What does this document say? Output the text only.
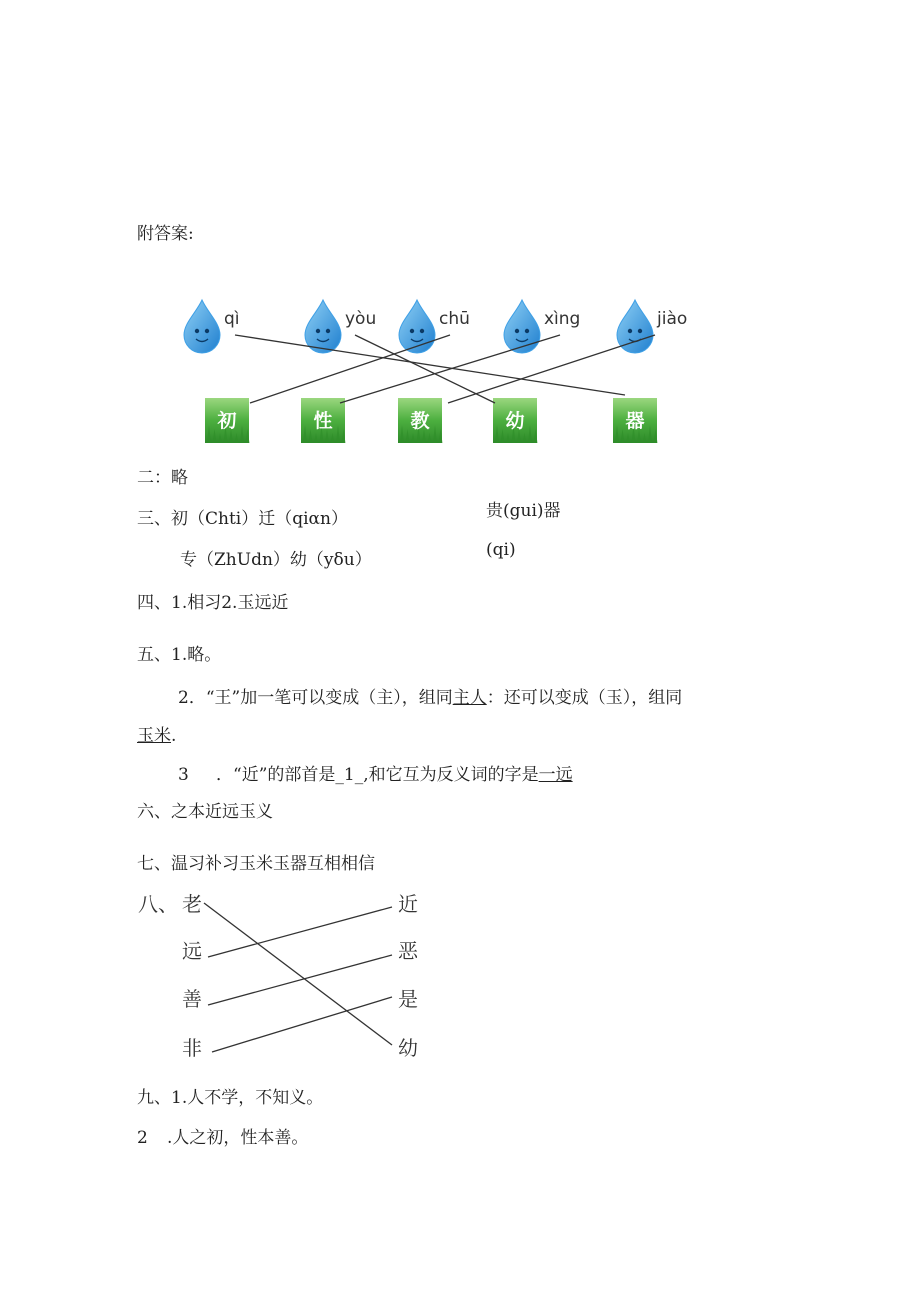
附答案:
qì	yòu	chū	xìng	jiào
初	性	教	幼	器
二：略
三、初（Chti）迁（qiαn）	贵(gui)器
专（ZhUdn）幼（yδu）	(qi)
四、1.相习2.玉远近
五、1.略。
2．“王”加一笔可以变成（主），组同主人：还可以变成（玉），组同
玉米.
3 ．“近”的部首是_1_,和它互为反义词的字是一远
六、之本近远玉义
七、温习补习玉米玉器互相相信
八、 老
远
善
非
近
恶
是
幼
九、1.人不学，不知义。
2 .人之初，性本善。
